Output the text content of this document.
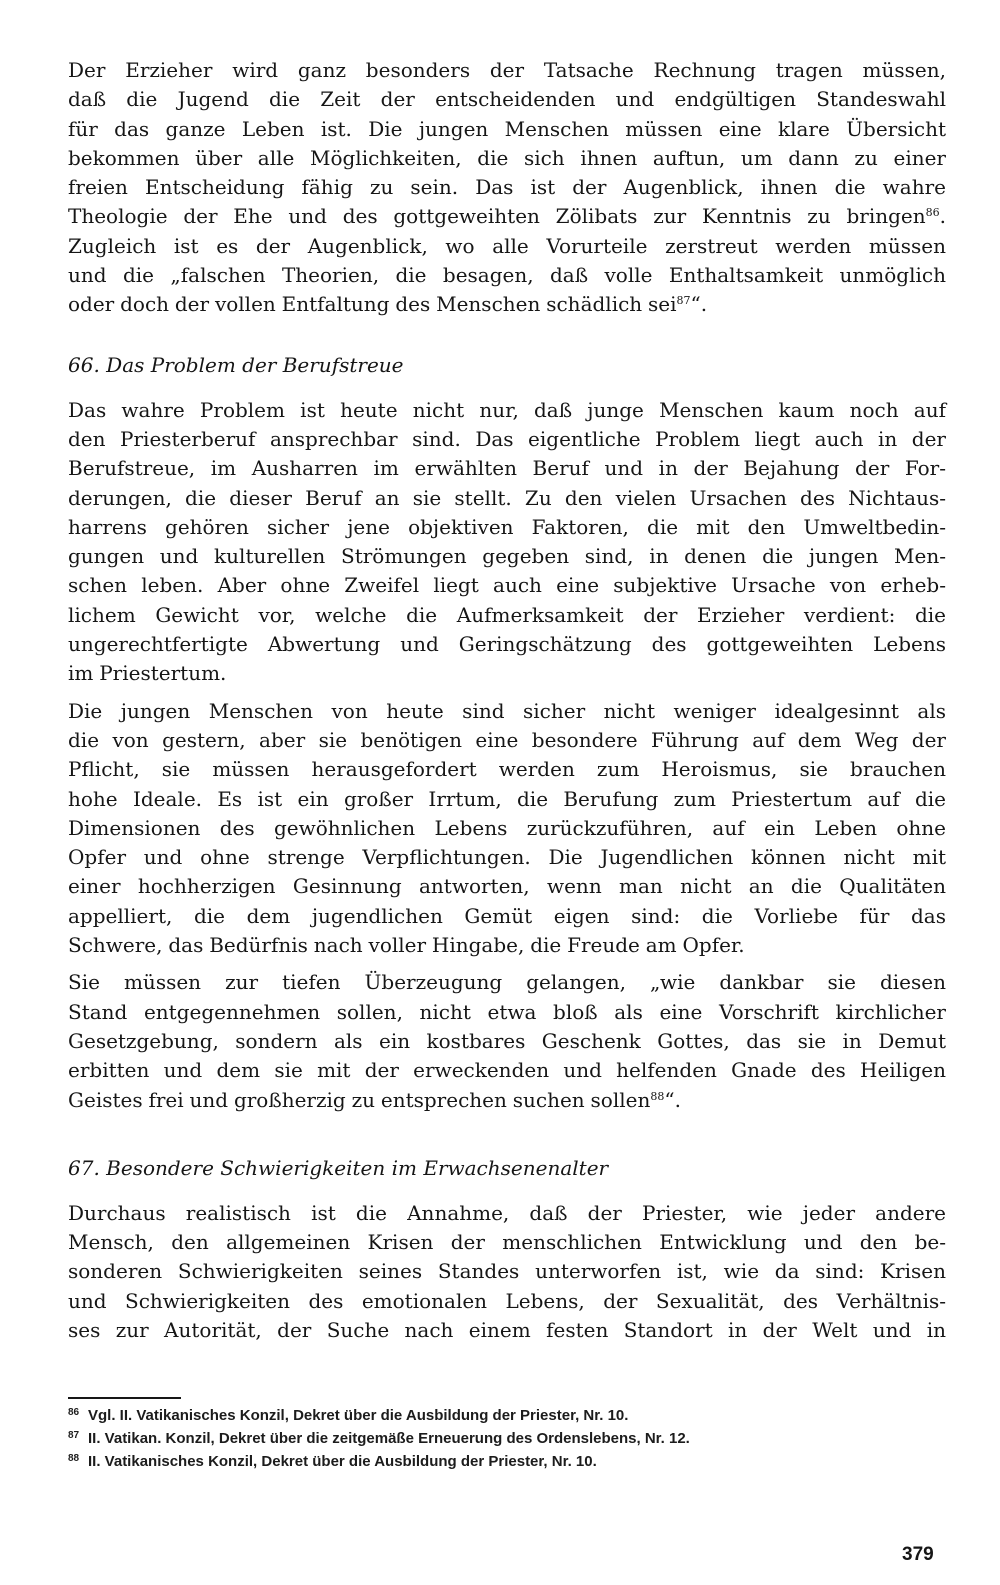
Der Erzieher wird ganz besonders der Tatsache Rechnung tragen müssen,
daß die Jugend die Zeit der entscheidenden und endgültigen Standeswahl
für das ganze Leben ist. Die jungen Menschen müssen eine klare Übersicht
bekommen über alle Möglichkeiten, die sich ihnen auftun, um dann zu einer
freien Entscheidung fähig zu sein. Das ist der Augenblick, ihnen die wahre
Theologie der Ehe und des gottgeweihten Zölibats zur Kenntnis zu bringen$^{86}$.
Zugleich ist es der Augenblick, wo alle Vorurteile zerstreut werden müssen
und die „falschen Theorien, die besagen, daß volle Enthaltsamkeit unmöglich
oder doch der vollen Entfaltung des Menschen schädlich sei$^{87}$“.
66. Das Problem der Berufstreue
Das wahre Problem ist heute nicht nur, daß junge Menschen kaum noch auf
den Priesterberuf ansprechbar sind. Das eigentliche Problem liegt auch in der
Berufstreue, im Ausharren im erwählten Beruf und in der Bejahung der For-
derungen, die dieser Beruf an sie stellt. Zu den vielen Ursachen des Nichtaus-
harrens gehören sicher jene objektiven Faktoren, die mit den Umweltbedin-
gungen und kulturellen Strömungen gegeben sind, in denen die jungen Men-
schen leben. Aber ohne Zweifel liegt auch eine subjektive Ursache von erheb-
lichem Gewicht vor, welche die Aufmerksamkeit der Erzieher verdient: die
ungerechtfertigte Abwertung und Geringschätzung des gottgeweihten Lebens
im Priestertum.
Die jungen Menschen von heute sind sicher nicht weniger idealgesinnt als
die von gestern, aber sie benötigen eine besondere Führung auf dem Weg der
Pflicht, sie müssen herausgefordert werden zum Heroismus, sie brauchen
hohe Ideale. Es ist ein großer Irrtum, die Berufung zum Priestertum auf die
Dimensionen des gewöhnlichen Lebens zurückzuführen, auf ein Leben ohne
Opfer und ohne strenge Verpflichtungen. Die Jugendlichen können nicht mit
einer hochherzigen Gesinnung antworten, wenn man nicht an die Qualitäten
appelliert, die dem jugendlichen Gemüt eigen sind: die Vorliebe für das
Schwere, das Bedürfnis nach voller Hingabe, die Freude am Opfer.
Sie müssen zur tiefen Überzeugung gelangen, „wie dankbar sie diesen
Stand entgegennehmen sollen, nicht etwa bloß als eine Vorschrift kirchlicher
Gesetzgebung, sondern als ein kostbares Geschenk Gottes, das sie in Demut
erbitten und dem sie mit der erweckenden und helfenden Gnade des Heiligen
Geistes frei und großherzig zu entsprechen suchen sollen$^{88}$“.
67. Besondere Schwierigkeiten im Erwachsenenalter
Durchaus realistisch ist die Annahme, daß der Priester, wie jeder andere
Mensch, den allgemeinen Krisen der menschlichen Entwicklung und den be-
sonderen Schwierigkeiten seines Standes unterworfen ist, wie da sind: Krisen
und Schwierigkeiten des emotionalen Lebens, der Sexualität, des Verhältnis-
ses zur Autorität, der Suche nach einem festen Standort in der Welt und in
86 Vgl. II. Vatikanisches Konzil, Dekret über die Ausbildung der Priester, Nr. 10.
87 II. Vatikan. Konzil, Dekret über die zeitgemäße Erneuerung des Ordenslebens, Nr. 12.
88 II. Vatikanisches Konzil, Dekret über die Ausbildung der Priester, Nr. 10.
379
